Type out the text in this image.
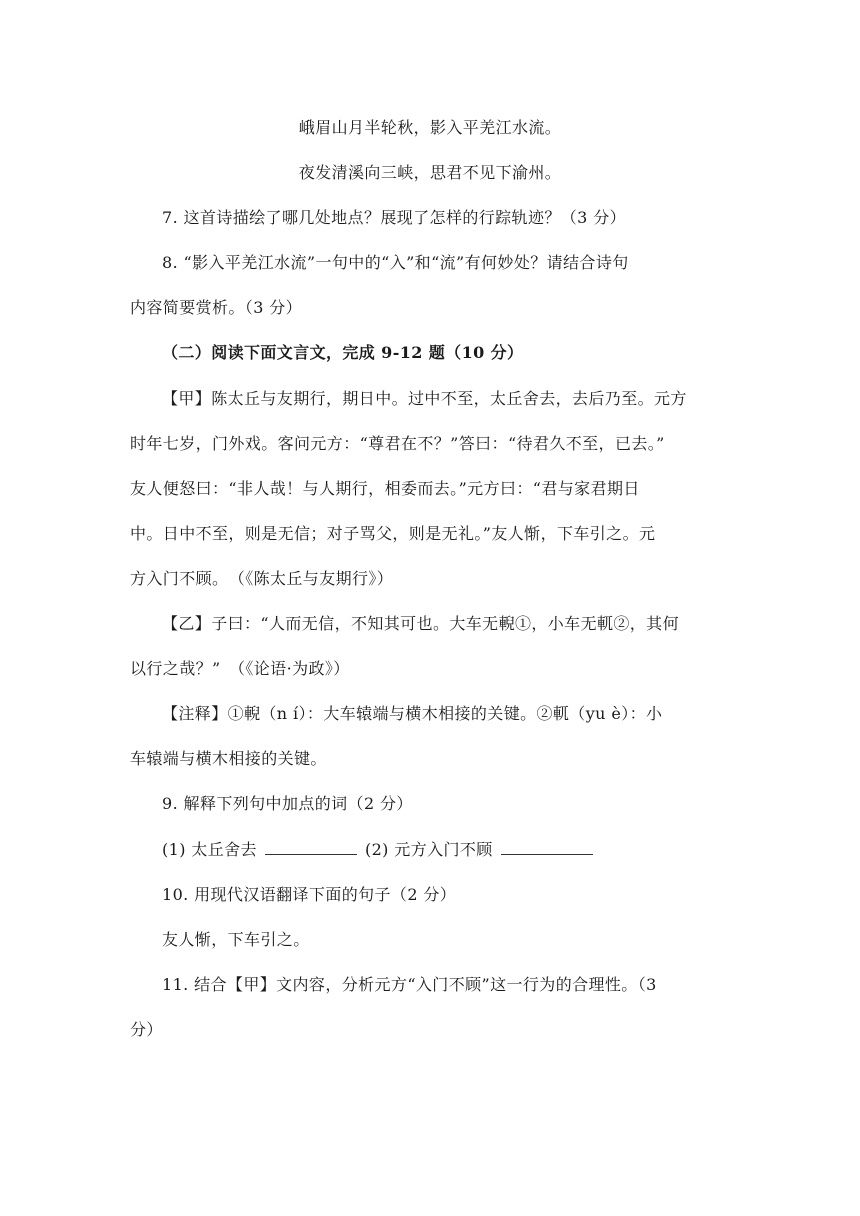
峨眉山月半轮秋，影入平羌江水流。
夜发清溪向三峡，思君不见下渝州。
7. 这首诗描绘了哪几处地点？展现了怎样的行踪轨迹？（3 分）
8. “影入平羌江水流”一句中的“入”和“流”有何妙处？请结合诗句
内容简要赏析。（3 分）
（二）阅读下面文言文，完成 9-12 题（10 分）
【甲】陈太丘与友期行，期日中。过中不至，太丘舍去，去后乃至。元方
时年七岁，门外戏。客问元方：“尊君在不？”答曰：“待君久不至，已去。”
友人便怒曰：“非人哉！与人期行，相委而去。”元方曰：“君与家君期日
中。日中不至，则是无信；对子骂父，则是无礼。”友人惭，下车引之。元
方入门不顾。　（《陈太丘与友期行》）
【乙】子曰：“人而无信，不知其可也。大车无輗①，小车无軏②，其何
以行之哉？”　（《论语·为政》）
【注释】①輗（n í）：大车辕端与横木相接的关键。②軏（yu è）：小
车辕端与横木相接的关键。
9. 解释下列句中加点的词（2 分）
(1) 太丘舍去	(2) 元方入门不顾
10. 用现代汉语翻译下面的句子（2 分）
友人惭，下车引之。
11. 结合【甲】文内容，分析元方“入门不顾”这一行为的合理性。（3
分）
